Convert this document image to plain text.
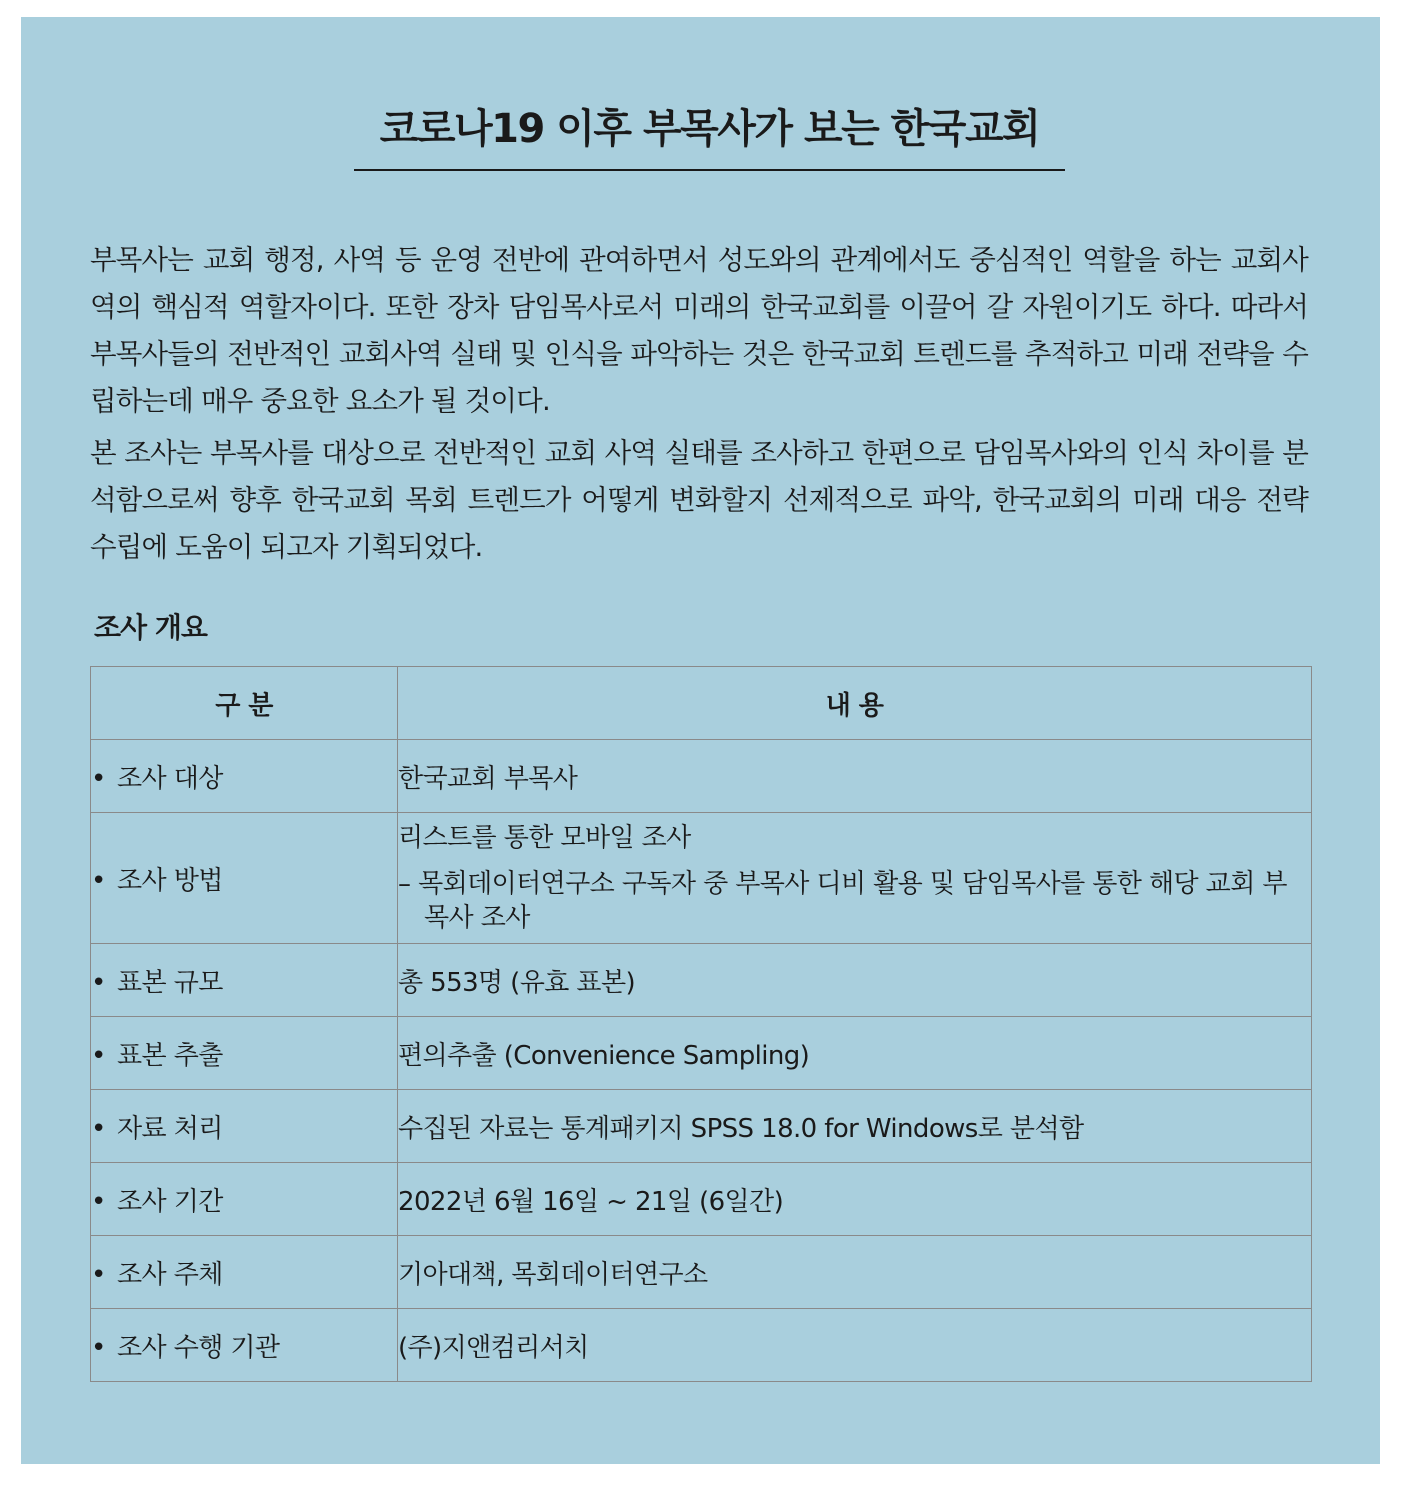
코로나19 이후 부목사가 보는 한국교회

부목사는 교회 행정, 사역 등 운영 전반에 관여하면서 성도와의 관계에서도 중심적인 역할을 하는 교회사역의 핵심적 역할자이다. 또한 장차 담임목사로서 미래의 한국교회를 이끌어 갈 자원이기도 하다. 따라서 부목사들의 전반적인 교회사역 실태 및 인식을 파악하는 것은 한국교회 트렌드를 추적하고 미래 전략을 수립하는데 매우 중요한 요소가 될 것이다.

본 조사는 부목사를 대상으로 전반적인 교회 사역 실태를 조사하고 한편으로 담임목사와의 인식 차이를 분석함으로써 향후 한국교회 목회 트렌드가 어떻게 변화할지 선제적으로 파악, 한국교회의 미래 대응 전략 수립에 도움이 되고자 기획되었다.

조사 개요
구 분	내 용
• 조사 대상	한국교회 부목사
• 조사 방법	리스트를 통한 모바일 조사
– 목회데이터연구소 구독자 중 부목사 디비 활용 및 담임목사를 통한 해당 교회 부목사 조사

• 표본 규모	총 553명 (유효 표본)
• 표본 추출	편의추출 (Convenience Sampling)
• 자료 처리	수집된 자료는 통계패키지 SPSS 18.0 for Windows로 분석함
• 조사 기간	2022년 6월 16일 ~ 21일 (6일간)
• 조사 주체	기아대책, 목회데이터연구소
• 조사 수행 기관	(주)지앤컴리서치
